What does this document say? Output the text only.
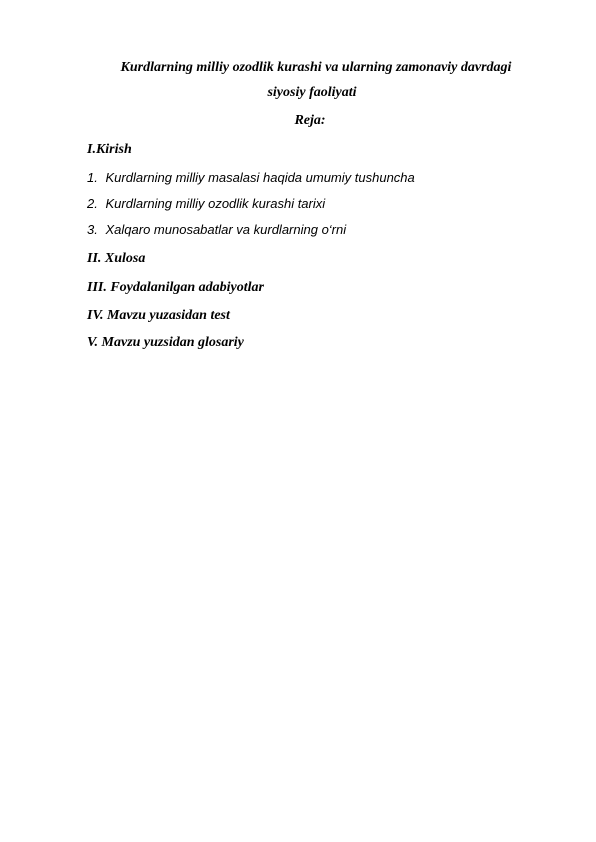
Kurdlarning milliy ozodlik kurashi va ularning zamonaviy davrdagi
siyosiy faoliyati
Reja:
I.Kirish
1. Kurdlarning milliy masalasi haqida umumiy tushuncha
2. Kurdlarning milliy ozodlik kurashi tarixi
3. Xalqaro munosabatlar va kurdlarning o‘rni
II. Xulosa
III. Foydalanilgan adabiyotlar
IV. Mavzu yuzasidan test
V. Mavzu yuzsidan glosariy
